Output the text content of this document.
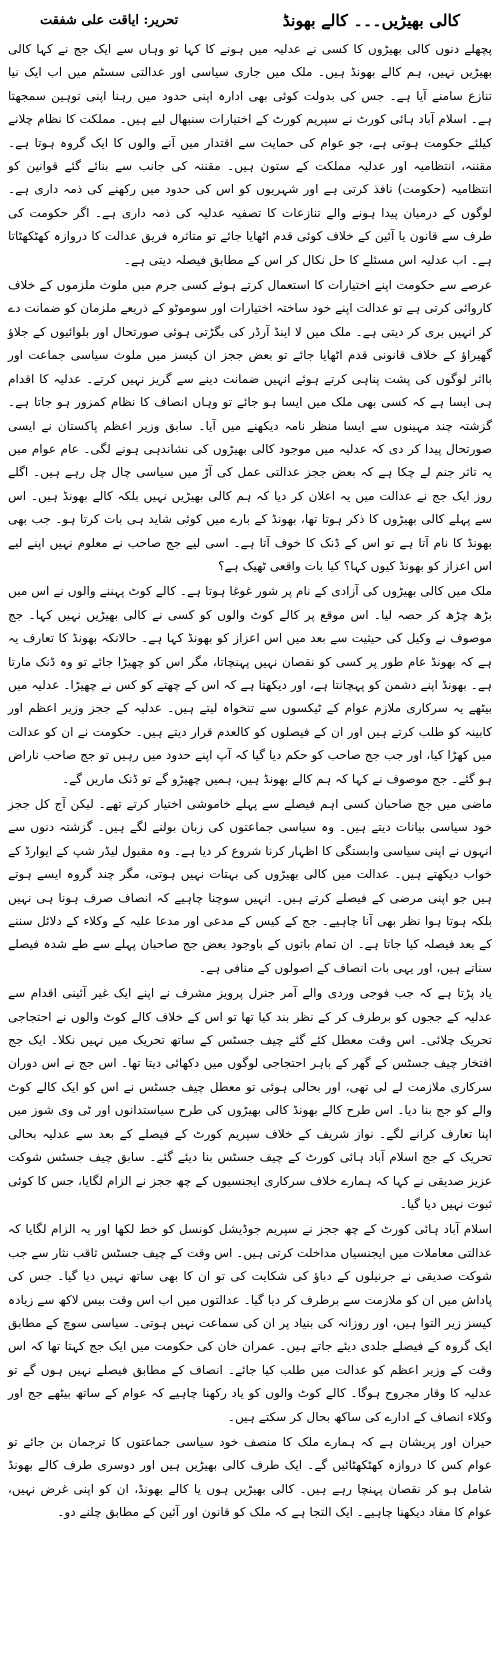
کالی بھیڑیں۔۔۔ کالے بھونڈ
تحریر: ایاقت علی شفقت

پچھلے دنوں کالی بھیڑوں کا کسی نے عدلیہ میں ہونے کا کہا تو وہاں سے ایک جج نے کہا کالی بھیڑیں نہیں، ہم کالے بھونڈ ہیں۔ ملک میں جاری سیاسی اور عدالتی سسٹم میں اب ایک نیا تنازع سامنے آیا ہے۔ جس کی بدولت کوئی بھی ادارہ اپنی حدود میں رہنا اپنی توہین سمجھتا ہے۔ اسلام آباد ہائی کورٹ نے سپریم کورٹ کے اختیارات سنبھال لیے ہیں۔ مملکت کا نظام چلانے کیلئے حکومت ہوتی ہے، جو عوام کی حمایت سے اقتدار میں آنے والوں کا ایک گروہ ہوتا ہے۔ مقننہ، انتظامیہ اور عدلیہ مملکت کے ستون ہیں۔ مقننہ کی جانب سے بنائے گئے قوانین کو انتظامیہ (حکومت) نافذ کرتی ہے اور شہریوں کو اس کی حدود میں رکھنے کی ذمہ داری ہے۔ لوگوں کے درمیان پیدا ہونے والے تنازعات کا تصفیہ عدلیہ کی ذمہ داری ہے۔ اگر حکومت کی طرف سے قانون یا آئین کے خلاف کوئی قدم اٹھایا جائے تو متاثرہ فریق عدالت کا دروازہ کھٹکھٹاتا ہے۔ اب عدلیہ اس مسئلے کا حل نکال کر اس کے مطابق فیصلہ دیتی ہے۔

عرصے سے حکومت اپنے اختیارات کا استعمال کرتے ہوئے کسی جرم میں ملوث ملزموں کے خلاف کاروائی کرتی ہے تو عدالت اپنے خود ساختہ اختیارات اور سوموٹو کے ذریعے ملزمان کو ضمانت دے کر انہیں بری کر دیتی ہے۔ ملک میں لا اینڈ آرڈر کی بگڑتی ہوئی صورتحال اور بلوائیوں کے جلاؤ گھیراؤ کے خلاف قانونی قدم اٹھایا جائے تو بعض ججز ان کیسز میں ملوث سیاسی جماعت اور بااثر لوگوں کی پشت پناہی کرتے ہوئے انہیں ضمانت دینے سے گریز نہیں کرتے۔ عدلیہ کا اقدام ہی ایسا ہے کہ کسی بھی ملک میں ایسا ہو جائے تو وہاں انصاف کا نظام کمزور ہو جاتا ہے۔ گزشتہ چند مہینوں سے ایسا منظر نامہ دیکھنے میں آیا۔ سابق وزیر اعظم پاکستان نے ایسی صورتحال پیدا کر دی کہ عدلیہ میں موجود کالی بھیڑوں کی نشاندہی ہونے لگی۔ عام عوام میں یہ تاثر جنم لے چکا ہے کہ بعض ججز عدالتی عمل کی آڑ میں سیاسی چال چل رہے ہیں۔ اگلے روز ایک جج نے عدالت میں یہ اعلان کر دیا کہ ہم کالی بھیڑیں نہیں بلکہ کالے بھونڈ ہیں۔ اس سے پہلے کالی بھیڑوں کا ذکر ہوتا تھا، بھونڈ کے بارے میں کوئی شاید ہی بات کرتا ہو۔ جب بھی بھونڈ کا نام آتا ہے تو اس کے ڈنک کا خوف آتا ہے۔ اسی لیے جج صاحب نے معلوم نہیں اپنے لیے اس اعزاز کو بھونڈ کیوں کہا؟ کیا بات واقعی ٹھیک ہے؟

ملک میں کالی بھیڑوں کی آزادی کے نام پر شور غوغا ہوتا ہے۔ کالے کوٹ پہننے والوں نے اس میں بڑھ چڑھ کر حصہ لیا۔ اس موقع پر کالے کوٹ والوں کو کسی نے کالی بھیڑیں نہیں کہا۔ جج موصوف نے وکیل کی حیثیت سے بعد میں اس اعزاز کو بھونڈ کہا ہے۔ حالانکہ بھونڈ کا تعارف یہ ہے کہ بھونڈ عام طور پر کسی کو نقصان نہیں پہنچاتا، مگر اس کو چھیڑا جائے تو وہ ڈنک مارتا ہے۔ بھونڈ اپنے دشمن کو پہچانتا ہے، اور دیکھتا ہے کہ اس کے چھتے کو کس نے چھیڑا۔ عدلیہ میں بیٹھے یہ سرکاری ملازم عوام کے ٹیکسوں سے تنخواہ لیتے ہیں۔ عدلیہ کے ججز وزیر اعظم اور کابینہ کو طلب کرتے ہیں اور ان کے فیصلوں کو کالعدم قرار دیتے ہیں۔ حکومت نے ان کو عدالت میں کھڑا کیا، اور جب جج صاحب کو حکم دیا گیا کہ آپ اپنے حدود میں رہیں تو جج صاحب ناراض ہو گئے۔ جج موصوف نے کہا کہ ہم کالے بھونڈ ہیں، ہمیں چھیڑو گے تو ڈنک ماریں گے۔

ماضی میں جج صاحبان کسی اہم فیصلے سے پہلے خاموشی اختیار کرتے تھے۔ لیکن آج کل ججز خود سیاسی بیانات دیتے ہیں۔ وہ سیاسی جماعتوں کی زبان بولنے لگے ہیں۔ گزشتہ دنوں سے انہوں نے اپنی سیاسی وابستگی کا اظہار کرنا شروع کر دیا ہے۔ وہ مقبول لیڈر شپ کے ایوارڈ کے خواب دیکھتے ہیں۔ عدالت میں کالی بھیڑوں کی بہتات نہیں ہوتی، مگر چند گروہ ایسے ہوتے ہیں جو اپنی مرضی کے فیصلے کرتے ہیں۔ انہیں سوچنا چاہیے کہ انصاف صرف ہونا ہی نہیں بلکہ ہوتا ہوا نظر بھی آنا چاہیے۔ جج کے کیس کے مدعی اور مدعا علیہ کے وکلاء کے دلائل سننے کے بعد فیصلہ کیا جاتا ہے۔ ان تمام باتوں کے باوجود بعض جج صاحبان پہلے سے طے شدہ فیصلے سناتے ہیں، اور یہی بات انصاف کے اصولوں کے منافی ہے۔

یاد پڑتا ہے کہ جب فوجی وردی والے آمر جنرل پرویز مشرف نے اپنے ایک غیر آئینی اقدام سے عدلیہ کے ججوں کو برطرف کر کے نظر بند کیا تھا تو اس کے خلاف کالے کوٹ والوں نے احتجاجی تحریک چلائی۔ اس وقت معطل کئے گئے چیف جسٹس کے ساتھ تحریک میں نہیں نکلا۔ ایک جج افتخار چیف جسٹس کے گھر کے باہر احتجاجی لوگوں میں دکھائی دیتا تھا۔ اس جج نے اس دوران سرکاری ملازمت لے لی تھی، اور بحالی ہوئی تو معطل چیف جسٹس نے اس کو ایک کالے کوٹ والے کو جج بنا دیا۔ اس طرح کالے بھونڈ کالی بھیڑوں کی طرح سیاستدانوں اور ٹی وی شوز میں اپنا تعارف کرانے لگے۔ نواز شریف کے خلاف سپریم کورٹ کے فیصلے کے بعد سے عدلیہ بحالی تحریک کے جج اسلام آباد ہائی کورٹ کے چیف جسٹس بنا دیئے گئے۔ سابق چیف جسٹس شوکت عزیز صدیقی نے کہا کہ ہمارے خلاف سرکاری ایجنسیوں کے چھ ججز نے الزام لگایا، جس کا کوئی ثبوت نہیں دیا گیا۔

اسلام آباد ہائی کورٹ کے چھ ججز نے سپریم جوڈیشل کونسل کو خط لکھا اور یہ الزام لگایا کہ عدالتی معاملات میں ایجنسیاں مداخلت کرتی ہیں۔ اس وقت کے چیف جسٹس ثاقب نثار سے جب شوکت صدیقی نے جرنیلوں کے دباؤ کی شکایت کی تو ان کا بھی ساتھ نہیں دیا گیا۔ جس کی پاداش میں ان کو ملازمت سے برطرف کر دیا گیا۔ عدالتوں میں اب اس وقت بیس لاکھ سے زیادہ کیسز زیر التوا ہیں، اور روزانہ کی بنیاد پر ان کی سماعت نہیں ہوتی۔ سیاسی سوچ کے مطابق ایک گروہ کے فیصلے جلدی دیئے جاتے ہیں۔ عمران خان کی حکومت میں ایک جج کہتا تھا کہ اس وقت کے وزیر اعظم کو عدالت میں طلب کیا جائے۔ انصاف کے مطابق فیصلے نہیں ہوں گے تو عدلیہ کا وقار مجروح ہوگا۔ کالے کوٹ والوں کو یاد رکھنا چاہیے کہ عوام کے ساتھ بیٹھے جج اور وکلاء انصاف کے ادارے کی ساکھ بحال کر سکتے ہیں۔

حیران اور پریشان ہے کہ ہمارے ملک کا منصف خود سیاسی جماعتوں کا ترجمان بن جائے تو عوام کس کا دروازہ کھٹکھٹائیں گے۔ ایک طرف کالی بھیڑیں ہیں اور دوسری طرف کالے بھونڈ شامل ہو کر نقصان پہنچا رہے ہیں۔ کالی بھیڑیں ہوں یا کالے بھونڈ، ان کو اپنی غرض نہیں، عوام کا مفاد دیکھنا چاہیے۔ ایک التجا ہے کہ ملک کو قانون اور آئین کے مطابق چلنے دو۔
